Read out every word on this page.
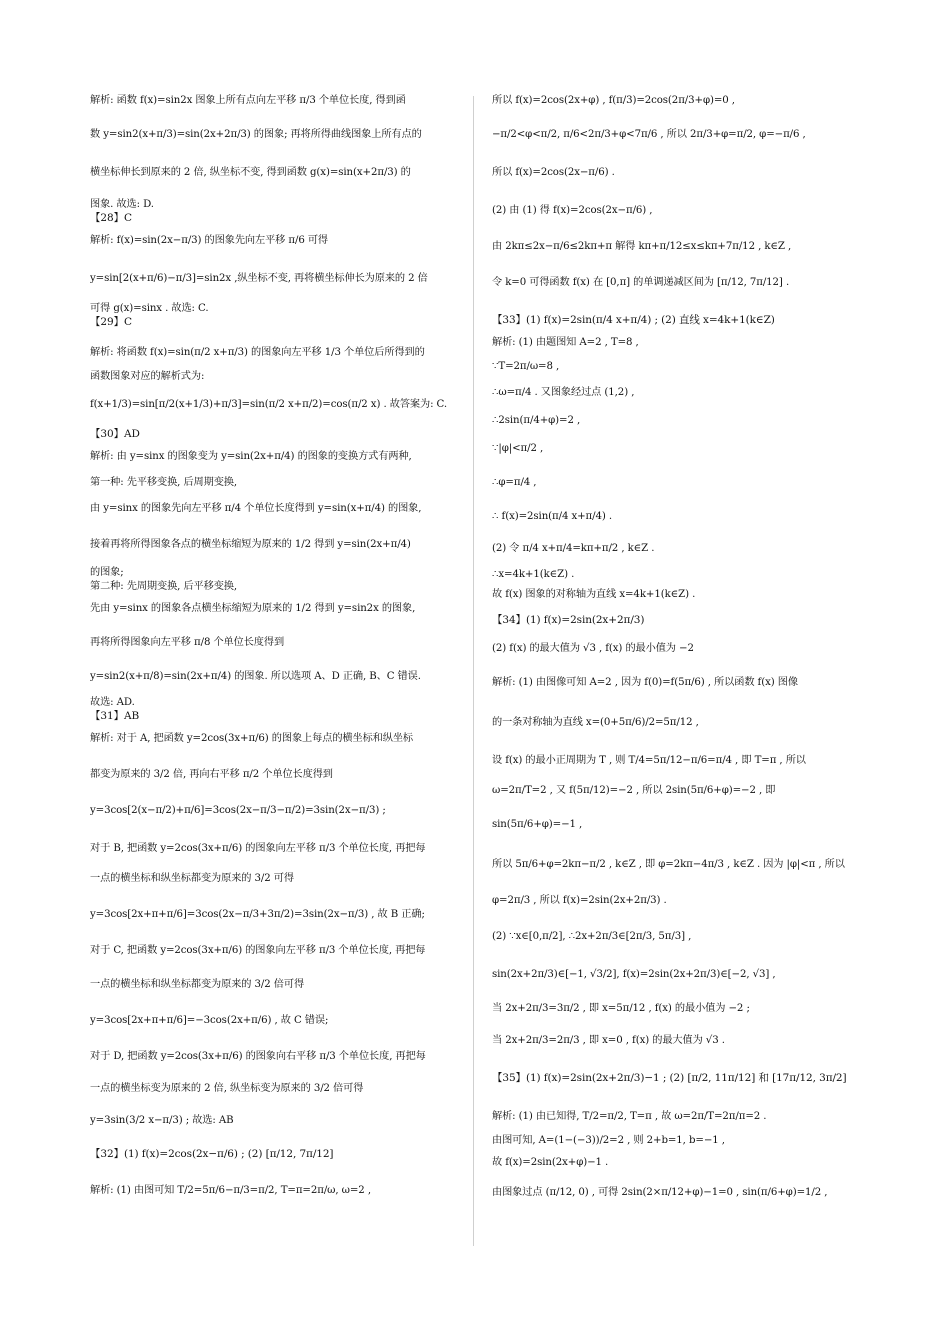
解析: 函数 f(x)=sin2x 图象上所有点向左平移 π/3 个单位长度, 得到函
数 y=sin2(x+π/3)=sin(2x+2π/3) 的图象; 再将所得曲线图象上所有点的
横坐标伸长到原来的 2 倍, 纵坐标不变, 得到函数 g(x)=sin(x+2π/3) 的
图象. 故选: D.
【28】C
解析: f(x)=sin(2x−π/3) 的图象先向左平移 π/6 可得
y=sin[2(x+π/6)−π/3]=sin2x ,纵坐标不变, 再将横坐标伸长为原来的 2 倍
可得 g(x)=sinx . 故选: C.
【29】C
解析: 将函数 f(x)=sin(π/2 x+π/3) 的图象向左平移 1/3 个单位后所得到的
函数图象对应的解析式为:
f(x+1/3)=sin[π/2(x+1/3)+π/3]=sin(π/2 x+π/2)=cos(π/2 x) . 故答案为: C.
【30】AD
解析: 由 y=sinx 的图象变为 y=sin(2x+π/4) 的图象的变换方式有两种,
第一种: 先平移变换, 后周期变换,
由 y=sinx 的图象先向左平移 π/4 个单位长度得到 y=sin(x+π/4) 的图象,
接着再将所得图象各点的横坐标缩短为原来的 1/2 得到 y=sin(2x+π/4)
的图象;
第二种: 先周期变换, 后平移变换,
先由 y=sinx 的图象各点横坐标缩短为原来的 1/2 得到 y=sin2x 的图象,
再将所得图象向左平移 π/8 个单位长度得到
y=sin2(x+π/8)=sin(2x+π/4) 的图象. 所以选项 A、D 正确, B、C 错误.
故选: AD.
【31】AB
解析: 对于 A, 把函数 y=2cos(3x+π/6) 的图象上每点的横坐标和纵坐标
都变为原来的 3/2 倍, 再向右平移 π/2 个单位长度得到
y=3cos[2(x−π/2)+π/6]=3cos(2x−π/3−π/2)=3sin(2x−π/3) ;
对于 B, 把函数 y=2cos(3x+π/6) 的图象向左平移 π/3 个单位长度, 再把每
一点的横坐标和纵坐标都变为原来的 3/2 可得
y=3cos[2x+π+π/6]=3cos(2x−π/3+3π/2)=3sin(2x−π/3) , 故 B 正确;
对于 C, 把函数 y=2cos(3x+π/6) 的图象向左平移 π/3 个单位长度, 再把每
一点的横坐标和纵坐标都变为原来的 3/2 倍可得
y=3cos[2x+π+π/6]=−3cos(2x+π/6) , 故 C 错误;
对于 D, 把函数 y=2cos(3x+π/6) 的图象向右平移 π/3 个单位长度, 再把每
一点的横坐标变为原来的 2 倍, 纵坐标变为原来的 3/2 倍可得
y=3sin(3/2 x−π/3) ; 故选: AB
【32】(1) f(x)=2cos(2x−π/6) ; (2) [π/12, 7π/12]
解析: (1) 由图可知 T/2=5π/6−π/3=π/2, T=π=2π/ω, ω=2 ,
所以 f(x)=2cos(2x+φ) , f(π/3)=2cos(2π/3+φ)=0 ,
−π/2<φ<π/2, π/6<2π/3+φ<7π/6 , 所以 2π/3+φ=π/2, φ=−π/6 ,
所以 f(x)=2cos(2x−π/6) .
(2) 由 (1) 得 f(x)=2cos(2x−π/6) ,
由 2kπ≤2x−π/6≤2kπ+π 解得 kπ+π/12≤x≤kπ+7π/12 , k∈Z ,
令 k=0 可得函数 f(x) 在 [0,π] 的单调递减区间为 [π/12, 7π/12] .
【33】(1) f(x)=2sin(π/4 x+π/4) ; (2) 直线 x=4k+1(k∈Z)
解析: (1) 由题图知 A=2 , T=8 ,
∵T=2π/ω=8 ,
∴ω=π/4 . 又图象经过点 (1,2) ,
∴2sin(π/4+φ)=2 ,
∵|φ|<π/2 ,
∴φ=π/4 ,
∴ f(x)=2sin(π/4 x+π/4) .
(2) 令 π/4 x+π/4=kπ+π/2 , k∈Z .
∴x=4k+1(k∈Z) .
故 f(x) 图象的对称轴为直线 x=4k+1(k∈Z) .
【34】(1) f(x)=2sin(2x+2π/3)
(2) f(x) 的最大值为 √3 , f(x) 的最小值为 −2
解析: (1) 由图像可知 A=2 , 因为 f(0)=f(5π/6) , 所以函数 f(x) 图像
的一条对称轴为直线 x=(0+5π/6)/2=5π/12 ,
设 f(x) 的最小正周期为 T , 则 T/4=5π/12−π/6=π/4 , 即 T=π , 所以
ω=2π/T=2 , 又 f(5π/12)=−2 , 所以 2sin(5π/6+φ)=−2 , 即
sin(5π/6+φ)=−1 ,
所以 5π/6+φ=2kπ−π/2 , k∈Z , 即 φ=2kπ−4π/3 , k∈Z . 因为 |φ|<π , 所以
φ=2π/3 , 所以 f(x)=2sin(2x+2π/3) .
(2) ∵x∈[0,π/2], ∴2x+2π/3∈[2π/3, 5π/3] ,
sin(2x+2π/3)∈[−1, √3/2], f(x)=2sin(2x+2π/3)∈[−2, √3] ,
当 2x+2π/3=3π/2 , 即 x=5π/12 , f(x) 的最小值为 −2 ;
当 2x+2π/3=2π/3 , 即 x=0 , f(x) 的最大值为 √3 .
【35】(1) f(x)=2sin(2x+2π/3)−1 ; (2) [π/2, 11π/12] 和 [17π/12, 3π/2]
解析: (1) 由已知得, T/2=π/2, T=π , 故 ω=2π/T=2π/π=2 .
由图可知, A=(1−(−3))/2=2 , 则 2+b=1, b=−1 ,
故 f(x)=2sin(2x+φ)−1 .
由图象过点 (π/12, 0) , 可得 2sin(2×π/12+φ)−1=0 , sin(π/6+φ)=1/2 ,
